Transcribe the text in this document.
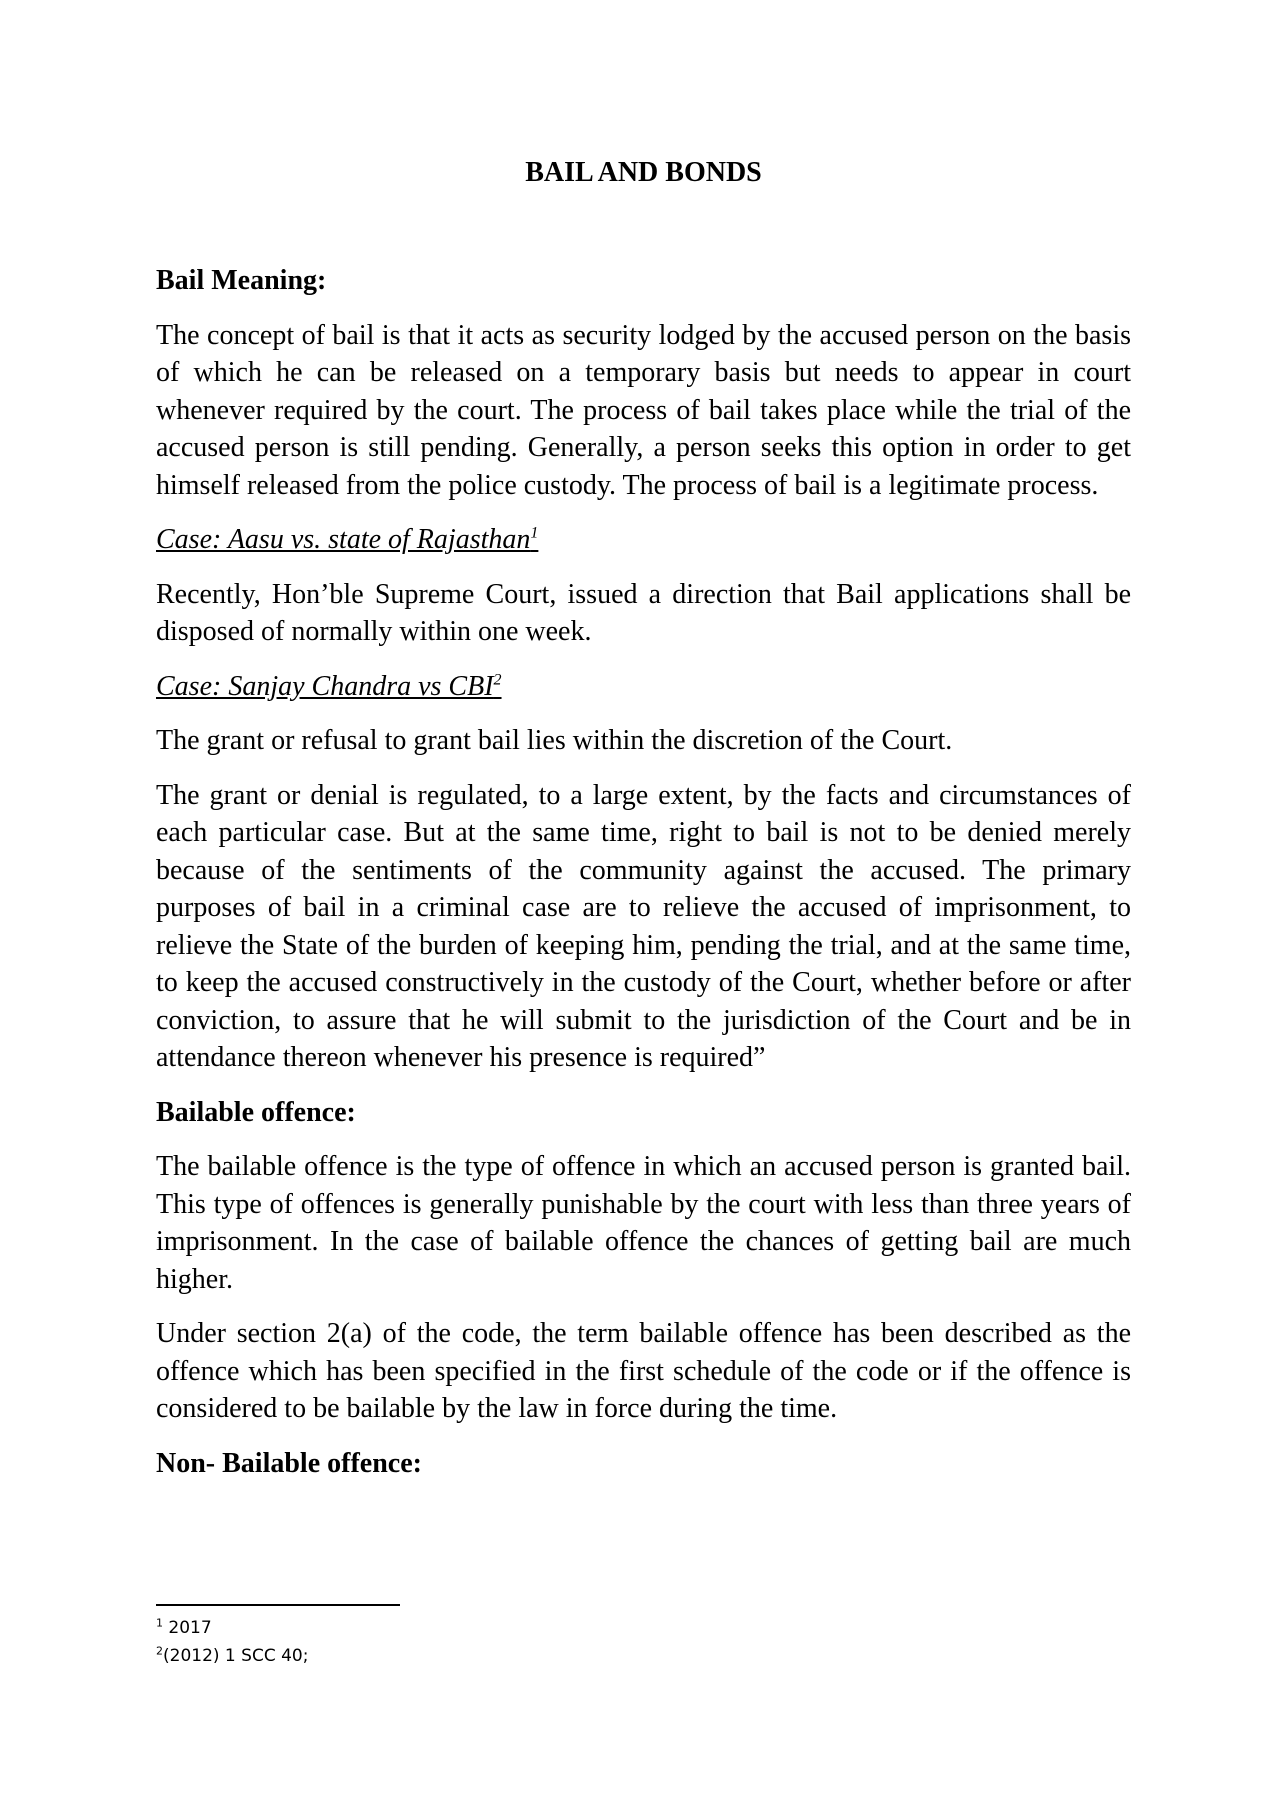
BAIL AND BONDS
Bail Meaning:

The concept of bail is that it acts as security lodged by the accused person on the basis of which he can be released on a temporary basis but needs to appear in court whenever required by the court. The process of bail takes place while the trial of the accused person is still pending. Generally, a person seeks this option in order to get himself released from the police custody. The process of bail is a legitimate process.

Case: Aasu vs. state of Rajasthan$^1$

Recently, Hon’ble Supreme Court, issued a direction that Bail applications shall be disposed of normally within one week.

Case: Sanjay Chandra vs CBI$^2$

The grant or refusal to grant bail lies within the discretion of the Court.

The grant or denial is regulated, to a large extent, by the facts and circumstances of each particular case. But at the same time, right to bail is not to be denied merely because of the sentiments of the community against the accused. The primary purposes of bail in a criminal case are to relieve the accused of imprisonment, to relieve the State of the burden of keeping him, pending the trial, and at the same time, to keep the accused constructively in the custody of the Court, whether before or after conviction, to assure that he will submit to the jurisdiction of the Court and be in attendance thereon whenever his presence is required”

Bailable offence:

The bailable offence is the type of offence in which an accused person is granted bail. This type of offences is generally punishable by the court with less than three years of imprisonment. In the case of bailable offence the chances of getting bail are much higher.

Under section 2(a) of the code, the term bailable offence has been described as the offence which has been specified in the first schedule of the code or if the offence is considered to be bailable by the law in force during the time.

Non- Bailable offence:
$^1$ 2017
$^2$(2012) 1 SCC 40;
